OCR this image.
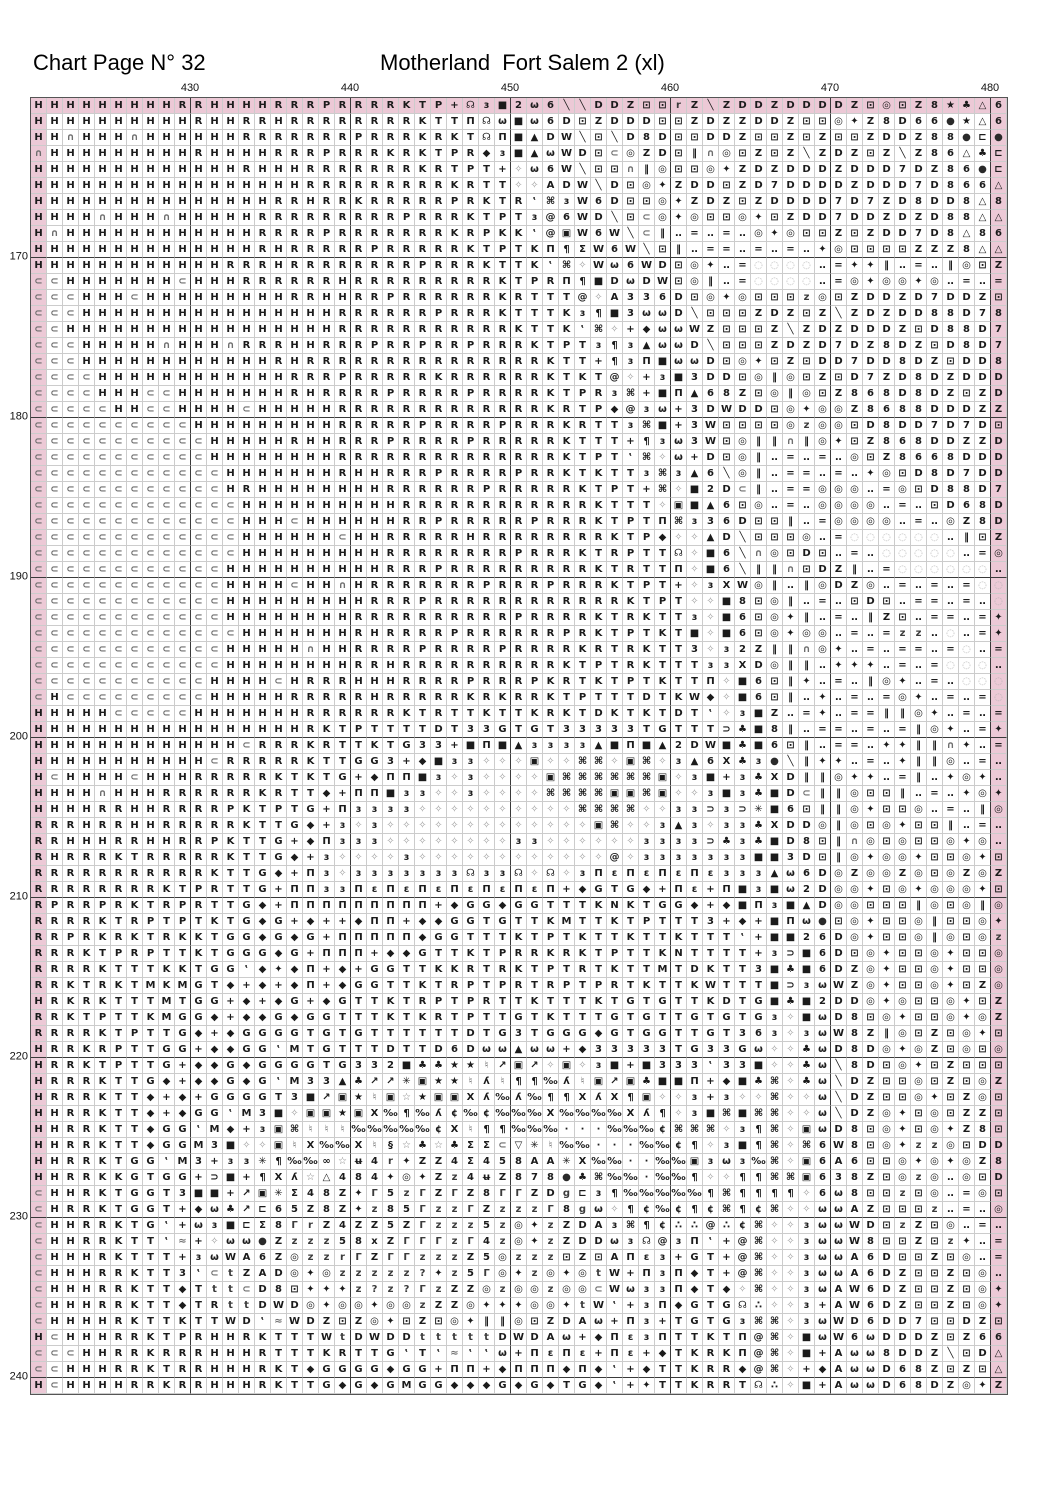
Chart Page N° 32	Motherland  Fort Salem 2 (xl)
430	440	450	460	470	480
170
180
190
200
210
220
230
240
H H H H H H H H H R R H H H H R R R P R R R R K T P + ☊ ɜ ■ 2 ω 6 ╲ ╲ D D Z ⊡ ⊡ r Z ╲ Z D D Z D D D D Z ⊡ ◎ ⊡ Z 8 ★ ♣ △ 6
H H H H H H H H H H R H H R R H R R R R R R R R K T T Π ☊ ω ■ ω 6 D ⊡ Z D D D ⊡ ⊡ Z D Z Z D D Z ⊡ ⊡ ◎ ✦ Z 8 D 6 6 ● ★ △ 6
H H ∩ H H H ∩ H H H H H H R R R R R R R P R R R K R K T ☊ Π ■ ▲ D W ╲ ⊡ ╲ D 8 D ⊡ ⊡ D D Z ⊡ ⊡ Z ⊡ Z ⊡ ⊡ Z D D Z 8 8 ● ⊏ ●
∩ H H H H H H H H H R H H H H R R R P R R R K R K T P R ◆ ɜ ■ ▲ ω W D ⊡ ⊂ ◎ Z D ⊡ ‖ ∩ ◎ ⊡ Z ⊡ Z ╲ Z D Z ⊡ Z ╲ Z 8 6 △ ♣ ⊏
H H H H H H H H H H H H H R H H H R R R R R R R K R T P T + ✧ ω 6 W ╲ ⊡ ⊡ ∩ ‖ ◎ ⊡ ⊡ ◎ ✦ Z D Z D D D Z D D D 7 D Z 8 6 ● ⊏
H H H H H H H H H H H H H H H H H R R R R R R R R R K R T T ✧ ✧ A D W ╲ D ⊡ ◎ ✦ Z D D ⊡ Z D 7 D D D D Z D D D 7 D 8 6 6 △
H H H H H H H H H H H H H H H R R H R R K R R R R R P R K T R	‛ ⌘ ɜ W 6 D ⊡ ⊡ ◎ ✦ Z D Z ⊡ Z D D D D 7 D 7 Z D 8 D D 8 △ 8
H H H H ∩ H H H ∩ H H H H H R R R R R R R R R P R R R K T P T ɜ @ 6 W D ╲ ⊡ ⊂ ◎ ✦ ◎ ⊡ ⊡ ◎ ✦ ⊡ Z D D 7 D D Z D Z D 8 8 △ △
H ∩ H H H H H H H H H H H H R R R R P R R R R R R R K R P K K	‛ @ ▣ W 6 W ╲ ⊂ ‖	‥ = ‥ = ‥ ◎ ✦ ◎ ⊡ ⊡ Z ⊡ Z D D 7 D 8 △ 8 6
H H H H H H H H H H H H H H R H R R R R R P R R R R R K T P T K Π ¶ Σ W 6 W ╲ ⊡ ‖	‥ = = ‥ = ‥ = ‥ ✦ ◎ ⊡ ⊡ ⊡ ⊡ Z Z Z 8 △ △
H H H H H H H H H H H H R R R H R R R R R R R R P R R R K T T K	‛ ⌘ ✧ W ω 6 W D ⊡ ◎ ✦ ‥ = ◌ ◌ ◌ ◌ ‥ = ✦ ✦ ‖	‥ = ‥	‖ ◎ ⊡ Z
⊂ ⊂ H H H H H H H ⊂ H H H R R R R R R H R R R R R R R R R K T P R Π ¶ ■ D ω D W ⊡ ◎ ‖	‥ = ◌ ◌ ◌ ◌ ‥ = ◎ ✦ ◎ ◎ ✦ ◎ ‥ = ‥ =
⊂ ⊂ ⊂ H H H ⊂ H H H H H H H H H R R H H R R P R R R R R R K R T T T @ ✧ A 3 3 6 D ⊡ ◎ ✦ ◎ ⊡ ⊡ ⊡ z ◎ ⊡ Z D D Z D 7 D D Z ⊡
⊂ ⊂ ⊂ H H H H H H H H H H H H H H H H R R R R R R P R R R K T T T K ɜ	¶ ■ 3 ω ω D ╲ ⊡ ⊡ ⊡ Z D Z ⊡ Z ╲ Z D Z D D 8 8 D 7 8
⊂ ⊂ H H H H H H H H H H H H H H H H H R R R R R R R R R R R K T T K	‛ ⌘ ✧ + ◆ ω ω W Z ⊡ ⊡ ⊡ Z ╲ Z D Z D D D Z ⊡ D 8 8 D 7
⊂ ⊂ ⊂ H H H H H ∩ H H H ∩ R R R H H R R R P R R P R R P R R R K T P T ɜ	¶	ɜ ▲ ω ω D ╲ ⊡ ⊡ ⊡ Z D Z D 7 D Z 8 D Z ⊡ D 8 D 7
⊂ ⊂ ⊂ H H H H H H H H H H H H R H R R R R R R R R R R R R R R R K T T + ¶	ɜ Π ■ ω ω D ⊡ ◎ ✦ ⊡ Z ⊡ D D 7 D D 8 D Z ⊡ D D 8
⊂ ⊂ ⊂ ⊂ H H H H H H H H H H H H R R R P R R R R R K R R R R R R K T K T @ ✧ + ɜ ■ 3 D D ⊡ ◎ ‖ ◎ ⊡ Z ⊡ D 7 Z D 8 D Z D D D
⊂ ⊂ ⊂ ⊂ H H H ⊂ ⊂ H H H H H H H R H R R R R P R R R R P R R R R K T P R ɜ ⌘ + ■ Π ▲ 6 8 Z ⊡ ◎ ‖ ◎ ⊡ Z 8 6 8 D 8 D Z ⊡ Z D
⊂ ⊂ ⊂ ⊂ ⊂ H H ⊂ ⊂ H H H H ⊂ H H H H H R R R R R R R R R R R R R K R T P ◆ @ ɜ ω + 3 D W D D ⊡ ◎ ✦ ◎ ◎ Z 8 6 8 8 D D D Z Z
⊂ ⊂ ⊂ ⊂ ⊂ ⊂ ⊂ ⊂ ⊂ ⊂ H H H H H H H H H R R R R R P R R R R P R R R K R T T ɜ ⌘ ■ + 3 W ⊡ ⊡ ⊡ ⊡ ◎ z ◎ ◎ ⊡ D 8 D D 7 D 7 D ⊡
⊂ ⊂ ⊂ ⊂ ⊂ ⊂ ⊂ ⊂ ⊂ ⊂ ⊂ H H H H H R H H R R R P R R R R P R R R R R K T T T + ¶	ɜ ω 3 W ⊡ ◎ ‖	‖ ∩ ‖ ◎ ✦ ⊡ Z 8 6 8 D D Z Z D
⊂ ⊂ ⊂ ⊂ ⊂ ⊂ ⊂ ⊂ ⊂ ⊂ ⊂ H H H H H H H H R R R R R R R R R R R R R R K T P T	‛ ⌘ ✧ ω + D ⊡ ◎ ‖	‥ = ‥ = ‥ ◎ ⊡ Z 8 6 6 8 D D D
⊂ ⊂ ⊂ ⊂ ⊂ ⊂ ⊂ ⊂ ⊂ ⊂ ⊂ ⊂ H H H H H H H R H H R R R P R R R R P R R K T K T T ɜ ⌘ ɜ ▲ 6 ╲ ◎ ‖	‥ = = ‥ = ‥ ✦ ◎ ⊡ D 8 D 7 D D
⊂ ⊂ ⊂ ⊂ ⊂ ⊂ ⊂ ⊂ ⊂ ⊂ ⊂ ⊂ H R H H H H H H H H R R R R R R P R R R R R K T P T + ⌘ ✧ ■ 2 D ⊂ ‖	‥ = = ◎ ◎ ◎ ‥ = ◎ ⊡ D 8 8 D 7
⊂ ⊂ ⊂ ⊂ ⊂ ⊂ ⊂ ⊂ ⊂ ⊂ ⊂ ⊂ ⊂ H H H H H H H H H H R R R R R R R R R R R R K T T T ✧ ▣ ■ ▲ 6 ⊡ ◎ ‥ = ‥ ◎ ◎ ◎ ◎ ‥ = ‥ ⊡ D 6 8 D
⊂ ⊂ ⊂ ⊂ ⊂ ⊂ ⊂ ⊂ ⊂ ⊂ ⊂ ⊂ ⊂ H H H ⊂ H H H H H H R R P R R R R R P R R R K T P T Π ⌘ ɜ 3 6 D ⊡ ⊡ ‖	‥ = ◎ ◎ ◎ ◎ ‥ = ‥ ◎ Z 8 D
⊂ ⊂ ⊂ ⊂ ⊂ ⊂ ⊂ ⊂ ⊂ ⊂ ⊂ ⊂ ⊂ H H H H H H ⊂ H H R R R R R H R R R R R R R R K T P ◆ ✧ ✧ ▲ D ╲ ⊡ ⊡ ⊡ ◎ ‥ = ◌ ◌ ◌ ◌ ◌ ◌ ‥	‖ ⊡ Z
⊂ ⊂ ⊂ ⊂ ⊂ ⊂ ⊂ ⊂ ⊂ ⊂ ⊂ ⊂ ⊂ H H H H H H H H H R R R R R R R R P R R R K T R P T T ☊ ✧ ■ 6 ╲ ∩ ◎ ⊡ D ⊡ ‥ = ‥ ◌ ◌ ◌ ◌ ◌ ‥ = ◎
⊂ ⊂ ⊂ ⊂ ⊂ ⊂ ⊂ ⊂ ⊂ ⊂ ⊂ ⊂ H H H H H H H H H H R R R P R R R R R R R R R K T R T T Π ✧ ■ 6 ╲	‖	‖ ∩ ⊡ D Z ‖	‥ = ◌ ◌ ◌ ◌ ◌ ◌ ‥
⊂ ⊂ ⊂ ⊂ ⊂ ⊂ ⊂ ⊂ ⊂ ⊂ ⊂ ⊂ H H H H ⊂ H H ∩ H R R R R R R R P R R R P R R R K T P T + ✧ ɜ Ⅹ W ◎ ‖	‥	‖ ◎ D Z ◎ ‥ = ‥ = ‥ = ◌ ◌
⊂ ⊂ ⊂ ⊂ ⊂ ⊂ ⊂ ⊂ ⊂ ⊂ ⊂ ⊂ H H H H H H H H H R R R P R R R R R R R R R R R R K T P T ✧ ✧ ■ 8 ⊡ ◎ ‖	‥ = ‥ ⊡ D ⊡ ‥ = = ‥ = ‥ ◌
⊂ ⊂ ⊂ ⊂ ⊂ ⊂ ⊂ ⊂ ⊂ ⊂ ⊂ ⊂ H H H H H H H H R R R R R R R R R R P R R R R K T R K T T ɜ ✧ ■ 6 ⊡ ◎ ✦ ‖	‥ = ‥	‖ Z ⊡ ‥ = = ‥ = ✦
⊂ ⊂ ⊂ ⊂ ⊂ ⊂ ⊂ ⊂ ⊂ ⊂ ⊂ ⊂ ⊂ H H H H H H H R H R R R R P R R R R R R P R K T P T K T ■ ✧ ■ 6 ⊡ ◎ ✦ ◎ ◎ ‥ = ‥ = z	z ‥ ◌ ‥ = ✦
⊂ ⊂ ⊂ ⊂ ⊂ ⊂ ⊂ ⊂ ⊂ ⊂ ⊂ ⊂ H H H H H ∩ H H R R R R P R R R R P R R R R K R T R K T T 3 ✧ ɜ 2 Z ‖	‖ ∩ ◎ ✦ ‥ = ‥ = = ‥ = ◌ ‥ =
⊂ ⊂ ⊂ ⊂ ⊂ ⊂ ⊂ ⊂ ⊂ ⊂ ⊂ ⊂ H H H H H H H H R R H R R R R R R R R R R K T P T R K T T T ɜ	ɜ Ⅹ D ◎ ‖	‖	‥ ✦ ✦ ✦ ‥ = ‥ = ◌ ◌ ◌ ‥
⊂ ⊂ ⊂ ⊂ ⊂ ⊂ ⊂ ⊂ ⊂ ⊂ ⊂ H H H H ⊂ H R R R H H H R R R R P R R R P K R T K T P T K T T Π ✧ ■ 6 ⊡ ‖ ✦ ‥ = ‥	‖ ◎ ✦ ‥ = ‥ ◌ ◌ ◌
⊂ H ⊂ ⊂ ⊂ ⊂ ⊂ ⊂ ⊂ ⊂ ⊂ H H H H H R R R R R H R R R R R K R K R R K T P T T T D T K W ◆ ✧ ■ 6 ⊡ ‖	‥ ✦ ‥ = ‥ = ◎ ✦ ‥ = ‥ = ◌
H H H H H ⊂ ⊂ ⊂ ⊂ ⊂ H H H H H H H R R R R R R K T R T T K T T K R K T D K T K T D T	‛ ✧ ɜ ■ Z ‥ = ✦ ‥ = = ‖	‖ ◎ ✦ ‥ = ‥ =
H H H H H H H H H H H H H H H H H R K T P T T T T D T 3 3 G T G T 3 3 3 3 3 T G T T T ⊃ ♣ ■ 8	‖	‥ = = ‥ = ‥ = ‖ ◎ ✦ ‥ = ✦
H H H H H H H H H H H H H ⊂ R R R K R T T K T G 3 3 + ■ Π ■ ▲ ɜ	ɜ	ɜ	ɜ ▲ ■ Π ■ ▲ 2 D W ■ ♣ ■ 6 ⊡ ‖	‥ = = ‥ ✦ ✦ ‖	‖ ∩ ✦ ‥ =
H H H H H H H H H H H ⊂ R R R R R K T T G G 3 + ◆ ■ ɜ	ɜ ✧ ✧ ✧ ▣ ✧ ✧ ⌘ ⌘ ✧ ▣ ⌘ ✧ ɜ ▲ 6 Ⅹ ♣ ɜ ● ╲	‖ ✦ ✦ ‥ = ‥ ✦ ‖	‖ ◎ ‥ = ‥
H ⊂ H H H H ⊂ H H H R R R R R K T K T G + ◆ Π Π ■ ɜ ✧ ɜ ✧ ✧ ✧ ✧ ▣ ⌘ ⌘ ⌘ ⌘ ⌘ ⌘ ▣ ✧ ɜ ■ + ɜ ♣ Ⅹ D ‖	‖ ◎ ✦ ✦ ‥ = ‖	‥ ✦ ◎ ✦ ‥
H H H H ∩ H H H R R R R R R K R T T ◆ + Π Π ■ ɜ	ɜ ✧ ✧ ɜ ✧ ✧ ✧ ✧ ⌘ ⌘ ⌘ ⌘ ▣ ▣ ⌘ ▣ ✧ ✧ ɜ ■ ɜ ♣ ■ D ⊂ ‖	‖ ◎ ⊡ ⊡ ‖	‥ = ‥ ✦ ◎ ✦
H H H H R R H H R R R R P K T P T G + Π ɜ	ɜ	ɜ	ɜ ✧ ✧ ✧ ✧ ✧ ✧ ✧ ✧ ✧ ✧ ⌘ ⌘ ⌘ ⌘ ✧ ✧ ɜ	ɜ ⊃ ɜ ⊃ ✳ ■ 6 ⊡ ‖	‖ ◎ ✦ ⊡ ⊡ ◎ ‥ = ‥	‖ ◎
R R R H R R H H R R R R R K T T G ◆ + ɜ ✧ ɜ ✧ ✧ ✧ ✧ ✧ ✧ ✧ ✧ ✧ ✧ ✧ ✧ ✧ ▣ ⌘ ✧ ✧ ɜ ▲ ɜ ✧ ɜ	ɜ ♣ Ⅹ D D ◎ ‖ ◎ ⊡ ◎ ✦ ⊡ ⊡ ‖	‥ = ‥
R R H H H R R H H R R P K T T G + ◆ Π ɜ	ɜ	ɜ ✧ ✧ ✧ ✧ ✧ ✧ ✧ ✧ ɜ	ɜ ✧ ✧ ✧ ✧ ✧ ✧ ɜ	ɜ	ɜ	ɜ ⊃ ♣ ɜ ♣ ■ D 8 ⊡ ‖ ∩ ◎ ⊡ ◎ ⊡ ⊡ ◎ ✦ ◎ ‥
R H R R R K T R R R R R K T T G ◆ + ɜ ✧ ✧ ✧ ✧ ɜ ✧ ✧ ✧ ✧ ✧ ✧ ✧ ✧ ✧ ✧ ✧ ✧ @ ✧ ɜ	ɜ	ɜ	ɜ	ɜ	ɜ	ɜ ■ ■ 3 D ⊡ ‖ ◎ ✦ ◎ ◎ ✦ ⊡ ⊡ ◎ ✦ ⊡
R R R R R R R R R R R K T T G ◆ + Π ɜ ✧ ɜ	ɜ	ɜ	ɜ	ɜ	ɜ	ɜ ☊ ɜ	ɜ ☊ ✧ ☊ ✧ ɜ Π ε Π ε Π ε Π ε	ɜ	ɜ	ɜ ▲ ω 6 D ◎ Z ◎ ◎ Z ◎ ⊡ ◎ Z ◎ Z
R R R R R R R R K T P R T T G + Π Π ɜ	ɜ Π ε Π ε Π ε Π ε Π ε Π ε Π + ◆ G T G ◆ + Π ε + Π ■ ɜ ■ ω 2 D ◎ ◎ ✦ ⊡ ◎ ✦ ◎ ◎ ◎ ✦ ⊡
R P R R P R K T R P R T T G ◆ + Π Π Π Π Π Π Π Π Π + ◆ G G ◆ G G T T T K N K T G G ◆ + ◆ ■ Π ɜ ■ ▲ D ◎ ◎ ⊡ ⊡ ⊡ ‖ ◎ ⊡ ◎ ‖ ◎
R R R R K T R P T P T K T G ◆ G + ◆ + + ◆ Π Π + ◆ ◆ G G T G T T K M T T K T P T T T 3 + ◆ + ■ Π ω ● ⊡ ◎ ✦ ⊡ ⊡ ◎ ‖ ⊡ ⊡ ◎ ✦
R R P R K R K T R K K T G G ◆ G ◆ G + Π Π Π Π Π ◆ G G T T T K T P T K T T K T T K T T T	‛ + ■ ■ 2 6 D ◎ ✦ ⊡ ⊡ ◎ ‖ ◎ ⊡ ◎ z
R R R K T P R P T T K T G G G ◆ G + Π Π Π + ◆ ◆ G T T K T P R R K R K T P T T K N T T T T + ɜ ⊃ ■ 6 D ⊡ ◎ ✦ ⊡ ⊡ ◎ ✦ ⊡ ⊡ ◎
R R R R K T T T K K T G G ‛	◆ ✦ ◆ Π + ◆ + G G T T K K R T R K T P T R T K T T M T D K T T 3 ■ ♣ ■ 6 D Z ◎ ✦ ⊡ ⊡ ◎ ✦ ⊡ ⊡ ◎
R R K T R K T M K M G T ◆ + ◆ + ◆ Π + ◆ G G T T K T R P T P R T R P T P R T K T T K W T T T ■ ⊃ ɜ ω W Z ◎ ✦ ⊡ ⊡ ◎ ✦ ⊡ Z ◎
H R K R K T T T M T G G + ◆ + ◆ G + ◆ G T T K T R P T P R T T K T T T K T G T G T T K D T G ■ ♣ ■ 2 D D ◎ ✦ ◎ ⊡ ⊡ ◎ ✦ ⊡ Z
R R K T P T T K M G G ◆ + ◆ ◆ G ◆ G G T T T K T K R T P T T G T K T T T G T G T T G T G T G ɜ ✧ ■ ω D 8 ⊡ ◎ ✦ ⊡ ⊡ ◎ ✦ ◎ Z
R R R R K T P T T G ◆ + ◆ G G G G T G T G T T T T T T D T G 3 T G G G ◆ G T G G T T G T 3 6 ɜ ✧ ɜ ω W 8 Z ‖ ◎ ⊡ Z ⊡ ◎ ✦ ⊡
H R R K R P T T G G + ◆ ◆ G G ‛ M T G T T T D T T D 6 D ω ω ▲ ω ω + ◆ 3 3 3 3 3 T G 3 3 G ω ✧ ✧ ♣ ω D 8 D ◎ ✦ ◎ Z ⊡ ◎ ⊡ ◎
H R R K T P T T G + ◆ ◆ G ◆ G G G G T G 3 3 2 ■ ♣ ♣ ★ ★ ♮	↗ ▣ ↗ ✧ ▣ ✧ ɜ ■ + ■ 3 3 3	‛	3 3 ■ ✧ ✧ ♣ ω ╲ 8 D ⊡ ◎ ✦ ⊡ Z ⊡ ⊡ ⊡
H R R R K T T G ◆ + ◆ ◆ G ◆ G ‛ M 3 3 ▲ ♣ ↗ ↗ ✳ ▣ ★ ★ ♮	ʎ	♮	¶ ¶ ‰ ʎ	♮ ▣ ↗ ▣ ♣ ■ ■ Π + ◆ ■ ♣ ⌘ ✧ ♣ ω ╲ D Z ⊡ ⊡ ◎ ⊡ Z ⊡ ◎ Z
H R R R K T T ◆ + ◆ + G G G G T 3 ■ ↗ ▣ ★ ♮ ▣ ☆ ★ ▣ ▣ Ⅹ ʎ ‰ ʎ ‰ ¶ ¶ Ⅹ ʎ Ⅹ ¶ ▣ ✧ ✧ ɜ + ɜ ✧ ✧ ⌘ ✧ ✧ ω ╲ D Z ⊡ ⊡ ◎ ✦ ⊡ Z ◎ ⊡
H H R R K T T ◆ + ◆ G G ‛ M 3 ■ ✧ ▣ ▣ ★ ▣ Ⅹ ‰ ¶ ‰ ʎ ¢ ‰ ¢ ‰ ‰ ‰ Ⅹ ‰ ‰ ‰ ‰ Ⅹ ʎ ¶ ✧ ɜ ■ ⌘ ■ ⌘ ⌘ ✧ ✧ ω ╲ D Z ◎ ✦ ⊡ ◎ ⊡ Z Z ⊡
H H R R K T T ◆ G G ‛ M ◆ + ɜ ▣ ⌘ ♮	♮	♮ ‰ ‰ ‰ ‰ ‰ ¢ Ⅹ	♮	¶ ¶ ‰ ‰ ‰ ·	·	· ‰ ‰ ‰ ¢ ⌘ ⌘ ⌘ ✧ ɜ	¶ ⌘ ✧ ▣ ω D 8 ⊡ ◎ ✦ ⊡ ◎ ✦ Z 8 ⊡
H H R R K T T ◆ G G M 3 ■ ✧ ✧ ▣ ♮	Ⅹ ‰ ‰ Ⅹ	♮	§ ☆ ♣ ☆ ♣ Σ Σ ⊂ ▽ ✳	♮ ‰ ‰ ·	·	· ‰ ‰ ¢ ¶ ✧ ɜ ■ ¶ ⌘ ✧ ⌘ 6 W 8 ⊡ ◎ ✦ z	z ◎ ⊡ D D
H H R R K T G G ‛ M 3 + ɜ	ɜ ✳ ¶ ‰ ‰ ∞ ☆ ʉ 4	r ✦ Z Z 4 Σ 4 5 8 A A ✳ Ⅹ ‰ ‰ ·	· ‰ ‰ ▣ ɜ ω ɜ ‰ ⌘ ✧ ▣ 6 A 6 ⊡ ⊡ ◎ ✦ ◎ ✦ ◎ Z 8
H H R R K K G T G G + ⊃ ■ + ¶ Ⅹ ʎ ☆ △ 4 8 4 ✦ ◎ ✦ Z z 4 ʉ Z 8 7 8 ● ♣ ⌘ ‰ ‰ · ‰ ‰ ¶ ✧ ✧ ¶ ¶ ⌘ ⌘ ▣ 6 3 8 Z ⊡ ◎ z ◎ ‥ ◎ ⊡ D
⊂ H H R K T G G T 3 ■ ■ + ↗ ▣ ✳ Σ 4 8 Z ✦ Γ 5 z Γ Z Γ Z 8 Γ Γ Z D g ⊏ ɜ	¶ ‰ ‰ ‰ ‰ ‰ ¶ ⌘ ¶ ¶ ¶ ¶ ✧ 6 ω 8 ⊡ ⊡ z ⊡ ◎ ‥ = ◎ ⊡
⊂ H R R K T G G T + ◆ ω ♣ ↗ ⊏ 6 5 Z 8 Z ✦ z 8 5 Γ z	z Γ Z z	z	z Γ 8 g ω ✧ ¶ ¢ ‰ ¢ ¶ ¢ ⌘ ¶ ¢ ⌘ ✧ ✧ ω ω A Z ⊡ ⊡ ⊡ z ‥ = ‥ ◎
⊂ H H R R K T G ‛ + ω ɜ ■ ⊏ Σ 8 Γ	r Z 4 Z Z 5 Z Γ z	z	z 5 z ◎ ✦ z Z D A ɜ ⌘ ¶ ¢ ∴ ∴ @ ∴ ¢ ⌘ ✧ ✧ ɜ ω ω W D ⊡ z Z ⊡ ◎ ‥ = ‥
⊂ H H R R K T T	‛ ≈ + ✧ ω ω ● Z z	z	z 5 8 x Z Γ Γ Γ z Γ 4 z ◎ ✦ z Z D D ω ɜ ☊ @ ɜ Π ‛ + @ ⌘ ✧ ✧ ɜ ω ω W 8 ⊡ ⊡ Z ⊡ z ✦ ‥ =
⊂ H H H R K T T T + ɜ ω W A 6 Z ◎ z	z	r	Γ Z Γ Γ z	z	z Z 5 ◎ z	z	z ⊡ Z ⊡ A Π ε	ɜ + G T + @ ⌘ ✧ ✧ ɜ ω ω A 6 D ⊡ ⊡ Z ⊡ ◎ ‥ =
⊂ H H H R R K T T 3	‛ ⊂ t Z A D ◎ ✦ ◎ z	z	z	z	z	? ✦ z 5 Γ ◎ ✦ z ◎ ✦ ◎ t W + Π ɜ Π ◆ T + @ ⌘ ✧ ✧ ɜ ω ω A 6 D Z ⊡ ⊡ Z ⊡ ◎ ‥
⊂ H H H R R K T T ◆ T	t	t ⊂ D 8 ⊡ ✦ ✦ ✦ z	?	z	? Γ z Z Z ◎ z ◎ ◎ z ◎ ◎ ⊂ W ω ɜ	ɜ Π ◆ T ◆ ✧ ⌘ ✧ ✧ ɜ ω A W 6 D Z ⊡ ⊡ Z ⊡ ◎ ✦
⊂ H H H R R K T T ◆ T R t	t D W D ◎ ✦ ◎ ◎ ✦ ◎ ◎ z Z Z ◎ ✦ ✦ ✦ ◎ ◎ ✦ t W ‛ + ɜ Π ◆ G T G ☊ ∴ ✧ ✧ ɜ + A W 6 D Z ⊡ ⊡ Z ⊡ ◎ ✦
⊂ H H H H R K T T K T T W D ‛ ≈ W D Z ⊡ Z ◎ ✦ ⊡ Z ⊡ ◎ ✦ ‖	‖ ◎ ⊡ Z D A ω + Π ɜ + T G T G ɜ ⌘ ⌘ ✧ ɜ ω W D 6 D D 7 ⊡ ⊡ D Z ⊡
H ⊂ H H H R R K T P R H H R K T T T W t D W D D t	t	t	t	t D W D A ω + ◆ Π ε	ɜ Π T T K T Π @ ⌘ ✧ ■ ω W 6 ω D D D Z ⊡ Z 6 6
⊂ ⊂ ⊂ H H R R K R R R H H H R T T T K R T T G ‛	T	‛ ≈ ‛	‛ ω + Π ε Π ε + Π ε + ◆ T K R K Π @ ⌘ ✧ ■ + A ω ω 8 D D Z ╲ ⊡ D △
⊂ ⊂ H H H R R K T R R H H H R K T ◆ G G G G ◆ G G + Π Π + ◆ Π Π Π ◆ Π ◆	‛ + ◆ T T K R R ◆ @ ⌘ ✧ + ◆ A ω ω D 6 8 Z ⊡ Z ⊡ △
H ⊂ H H H H R R K R R H H H R K T T G ◆ G ◆ G M G G ◆ ◆ ◆ G ◆ G ◆ T G ◆	‛ + ✦ T T K R R T ☊ ∴ ✧ ■ + A ω ω D 6 8 D Z ◎ ✦ Z
